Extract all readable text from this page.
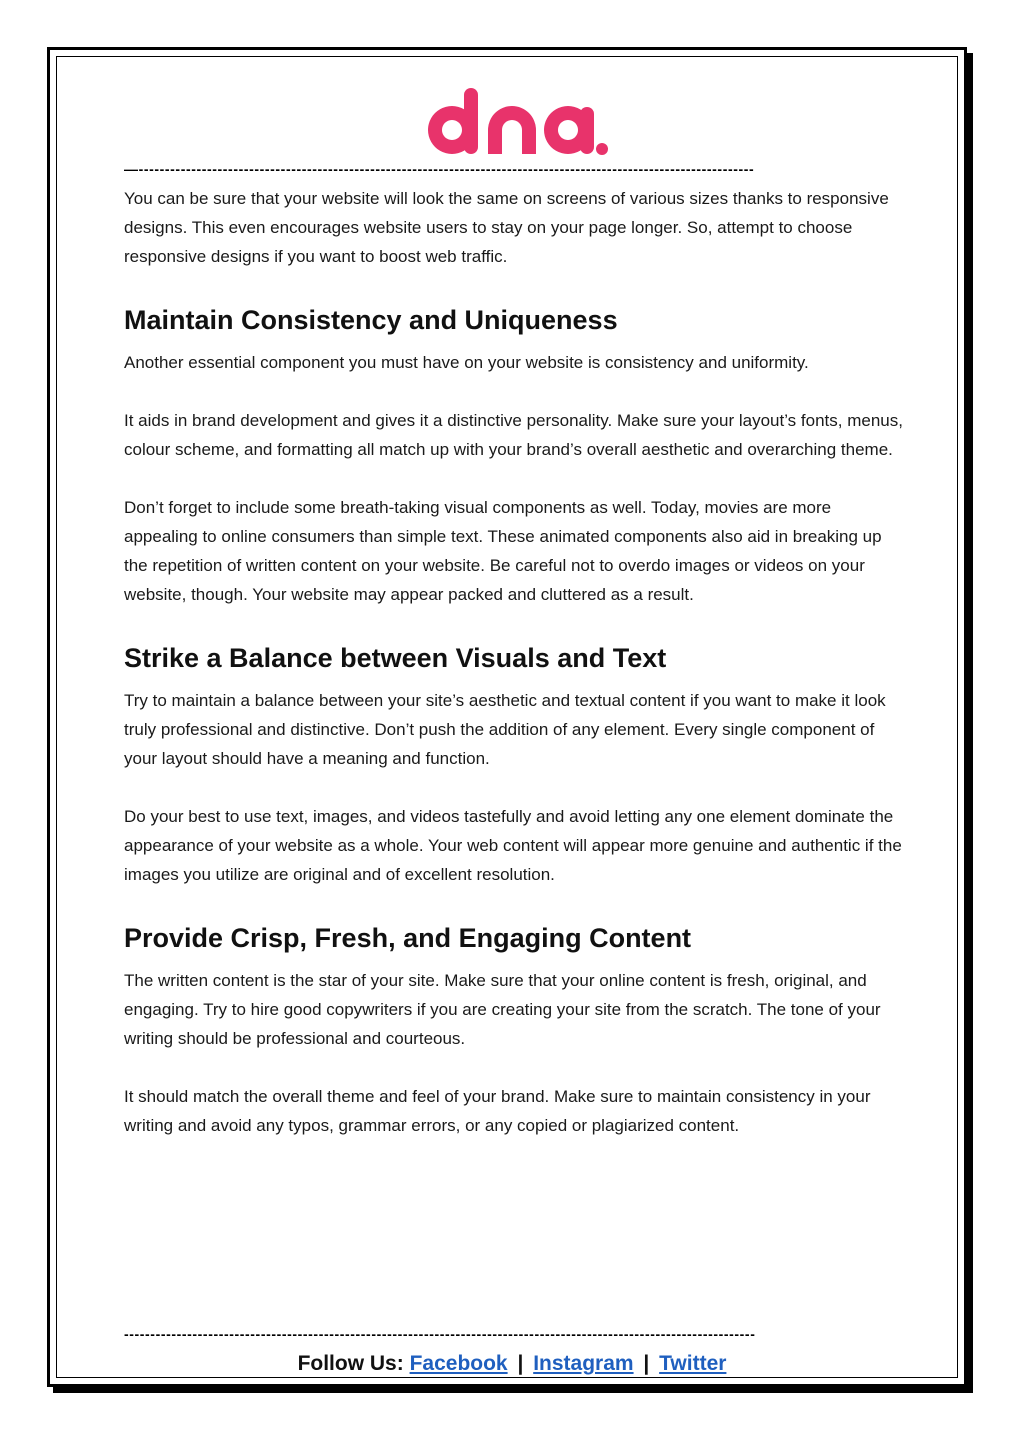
—---------------------------------------------------------------------------------------------------------------------

You can be sure that your website will look the same on screens of various sizes thanks to responsive designs. This even encourages website users to stay on your page longer. So, attempt to choose responsive designs if you want to boost web traffic.

Maintain Consistency and Uniqueness

Another essential component you must have on your website is consistency and uniformity.

It aids in brand development and gives it a distinctive personality. Make sure your layout’s fonts, menus, colour scheme, and formatting all match up with your brand’s overall aesthetic and overarching theme.

Don’t forget to include some breath-taking visual components as well. Today, movies are more appealing to online consumers than simple text. These animated components also aid in breaking up the repetition of written content on your website. Be careful not to overdo images or videos on your website, though. Your website may appear packed and cluttered as a result.

Strike a Balance between Visuals and Text

Try to maintain a balance between your site’s aesthetic and textual content if you want to make it look truly professional and distinctive. Don’t push the addition of any element. Every single component of your layout should have a meaning and function.

Do your best to use text, images, and videos tastefully and avoid letting any one element dominate the appearance of your website as a whole. Your web content will appear more genuine and authentic if the images you utilize are original and of excellent resolution.

Provide Crisp, Fresh, and Engaging Content

The written content is the star of your site. Make sure that your online content is fresh, original, and engaging. Try to hire good copywriters if you are creating your site from the scratch. The tone of your writing should be professional and courteous.

It should match the overall theme and feel of your brand. Make sure to maintain consistency in your writing and avoid any typos, grammar errors, or any copied or plagiarized content.

------------------------------------------------------------------------------------------------------------------------
Follow Us: Facebook | Instagram | Twitter
